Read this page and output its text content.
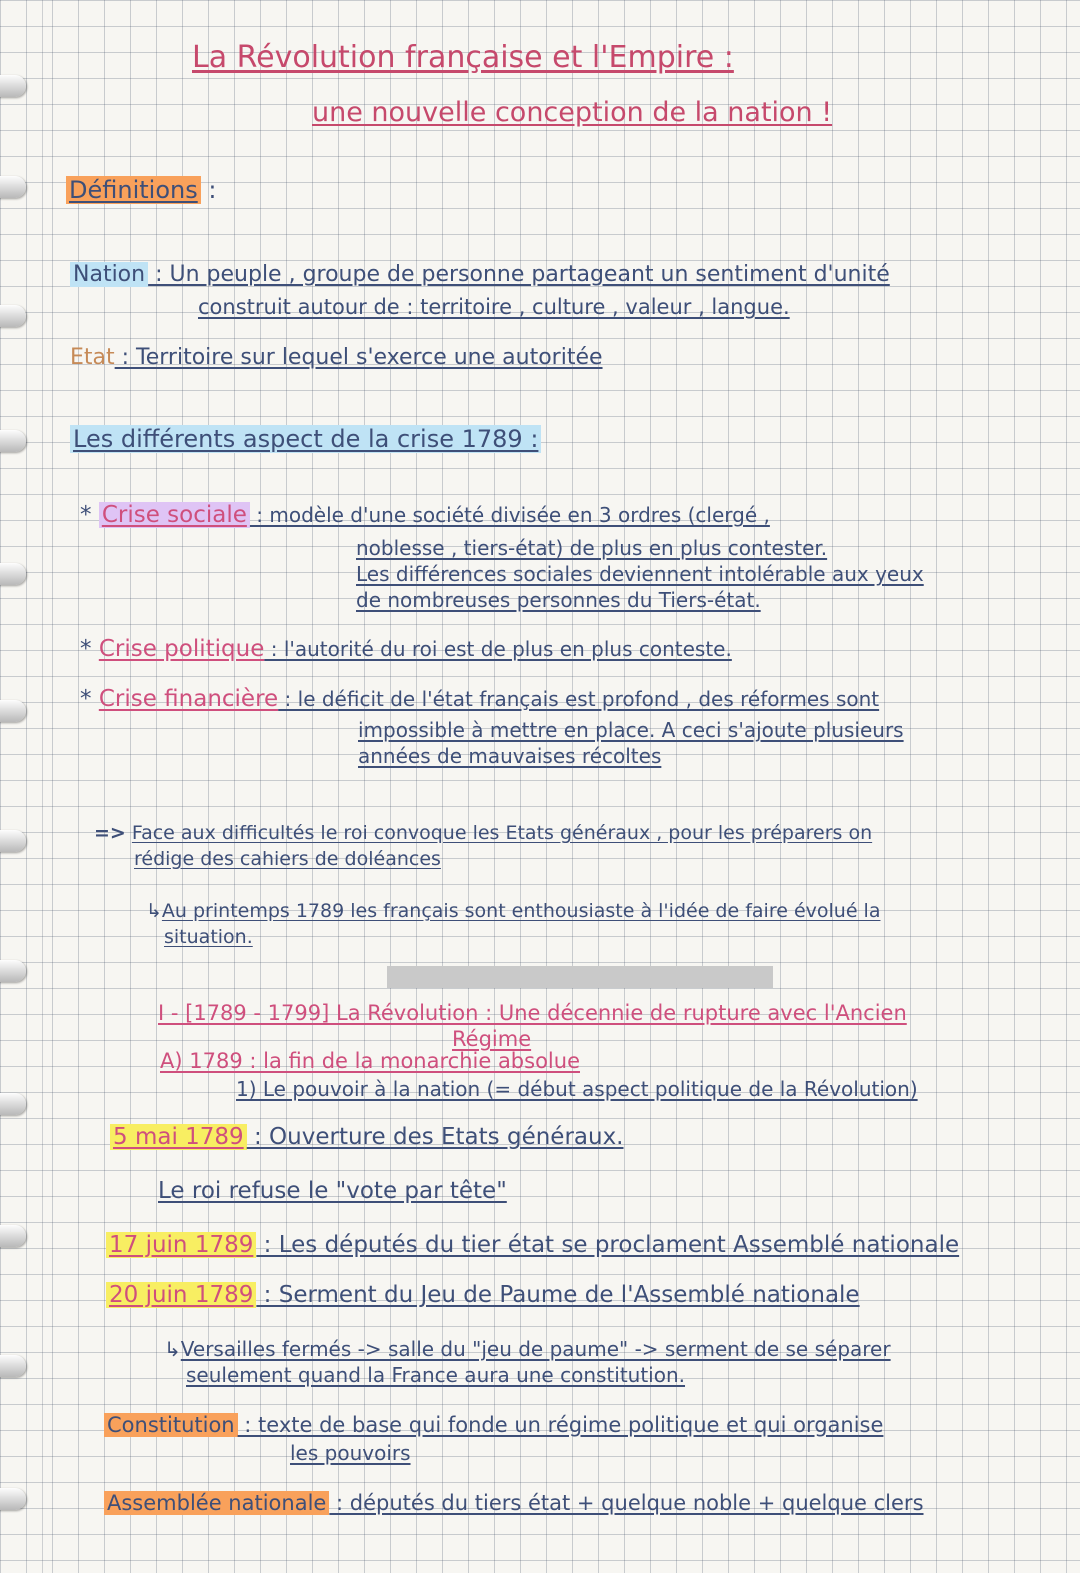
La Révolution française et l'Empire :
une nouvelle conception de la nation !
Définitions :
Nation : Un peuple , groupe de personne partageant un sentiment d'unité
construit autour de : territoire , culture , valeur , langue.
Etat : Territoire sur lequel s'exerce une autoritée
Les différents aspect de la crise 1789 :
* Crise sociale : modèle d'une société divisée en 3 ordres (clergé ,
noblesse , tiers-état) de plus en plus contester.
Les différences sociales deviennent intolérable aux yeux
de nombreuses personnes du Tiers-état.
* Crise politique : l'autorité du roi est de plus en plus conteste.
* Crise financière : le déficit de l'état français est profond , des réformes sont
impossible à mettre en place. A ceci s'ajoute plusieurs
années de mauvaises récoltes
=> Face aux difficultés le roi convoque les Etats généraux , pour les préparers on
rédige des cahiers de doléances
↳Au printemps 1789 les français sont enthousiaste à l'idée de faire évolué la
situation.
I - [1789 - 1799] La Révolution : Une décennie de rupture avec l'Ancien
Régime
A) 1789 : la fin de la monarchie absolue
1) Le pouvoir à la nation (= début aspect politique de la Révolution)
5 mai 1789 : Ouverture des Etats généraux.
Le roi refuse le "vote par tête"
17 juin 1789 : Les députés du tier état se proclament Assemblé nationale
20 juin 1789 : Serment du Jeu de Paume de l'Assemblé nationale
↳Versailles fermés -> salle du "jeu de paume" -> serment de se séparer
seulement quand la France aura une constitution.
Constitution : texte de base qui fonde un régime politique et qui organise
les pouvoirs
Assemblée nationale : députés du tiers état + quelque noble + quelque clers
